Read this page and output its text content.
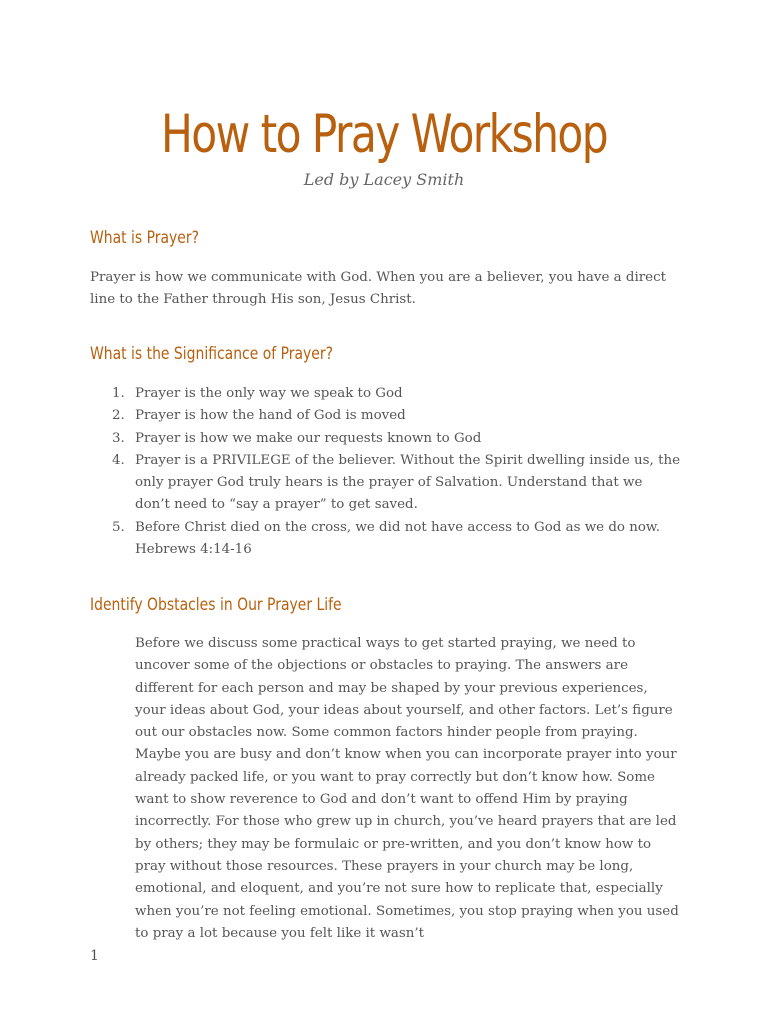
How to Pray Workshop

Led by Lacey Smith

What is Prayer?

Prayer is how we communicate with God. When you are a believer, you have a direct line to the Father through His son, Jesus Christ.

What is the Significance of Prayer?
1. Prayer is the only way we speak to God
2. Prayer is how the hand of God is moved
3. Prayer is how we make our requests known to God
4. Prayer is a PRIVILEGE of the believer. Without the Spirit dwelling inside us, the only prayer God truly hears is the prayer of Salvation. Understand that we don’t need to “say a prayer” to get saved.
5. Before Christ died on the cross, we did not have access to God as we do now. Hebrews 4:14-16
Identify Obstacles in Our Prayer Life

Before we discuss some practical ways to get started praying, we need to uncover some of the objections or obstacles to praying. The answers are different for each person and may be shaped by your previous experiences, your ideas about God, your ideas about yourself, and other factors. Let’s figure out our obstacles now. Some common factors hinder people from praying. Maybe you are busy and don’t know when you can incorporate prayer into your already packed life, or you want to pray correctly but don’t know how. Some want to show reverence to God and don’t want to offend Him by praying incorrectly. For those who grew up in church, you’ve heard prayers that are led by others; they may be formulaic or pre-written, and you don’t know how to pray without those resources. These prayers in your church may be long, emotional, and eloquent, and you’re not sure how to replicate that, especially when you’re not feeling emotional. Sometimes, you stop praying when you used to pray a lot because you felt like it wasn’t

1
